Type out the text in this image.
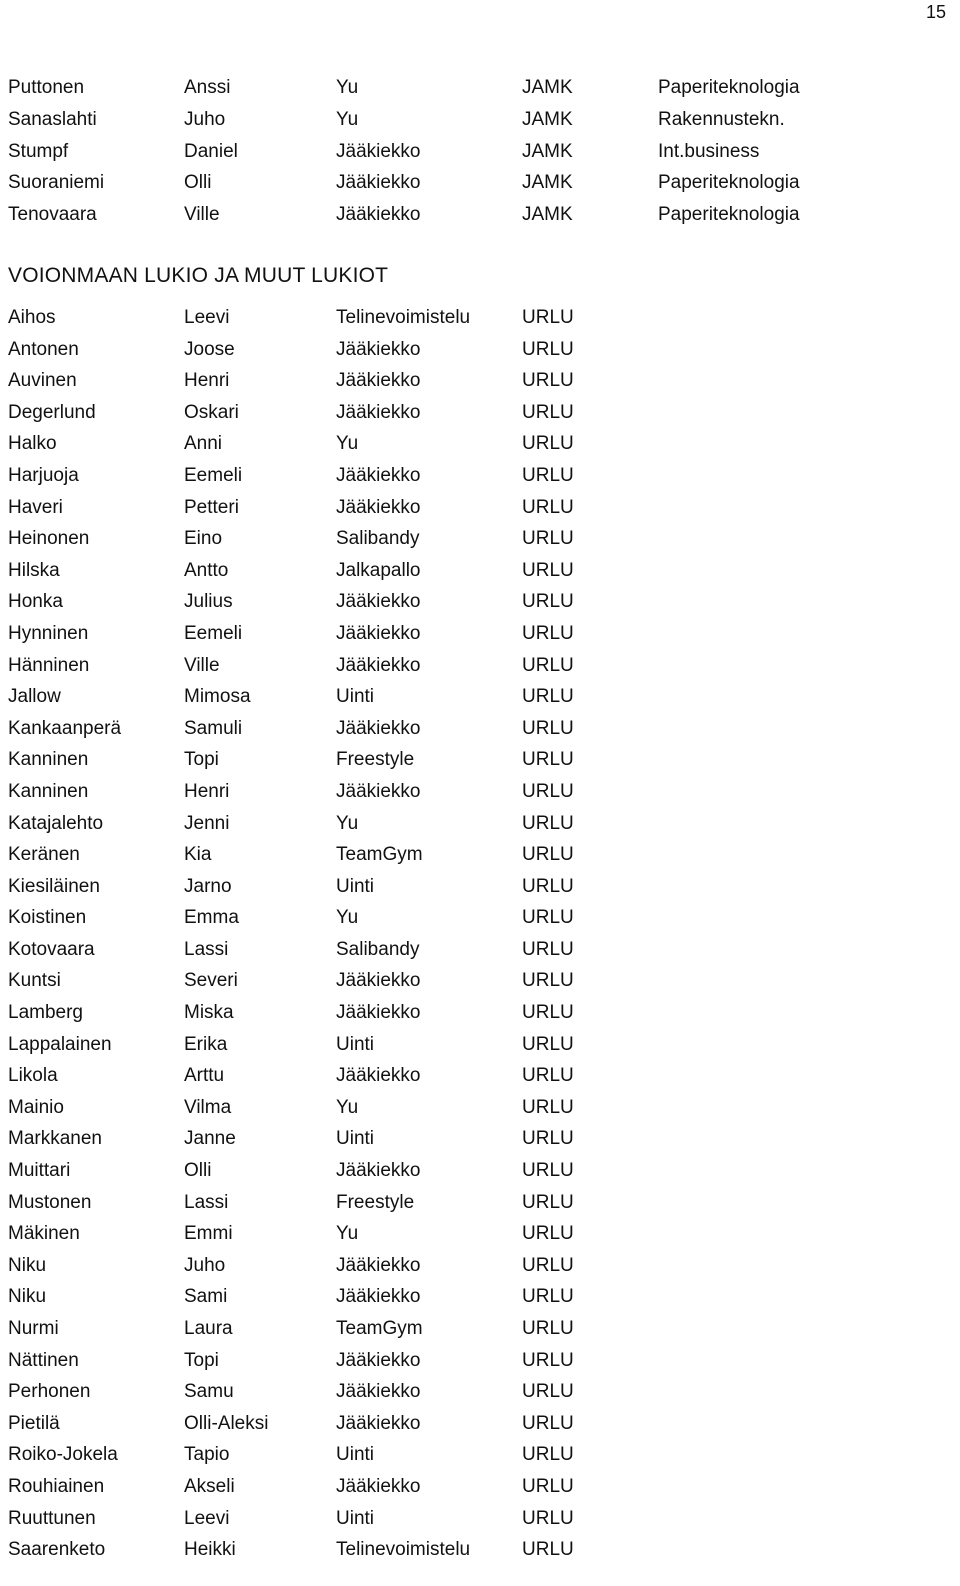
15
Puttonen	Anssi	Yu	JAMK	Paperiteknologia
Sanaslahti	Juho	Yu	JAMK	Rakennustekn.
Stumpf	Daniel	Jääkiekko	JAMK	Int.business
Suoraniemi	Olli	Jääkiekko	JAMK	Paperiteknologia
Tenovaara	Ville	Jääkiekko	JAMK	Paperiteknologia
VOIONMAAN LUKIO JA MUUT LUKIOT
Aihos	Leevi	Telinevoimistelu	URLU
Antonen	Joose	Jääkiekko	URLU
Auvinen	Henri	Jääkiekko	URLU
Degerlund	Oskari	Jääkiekko	URLU
Halko	Anni	Yu	URLU
Harjuoja	Eemeli	Jääkiekko	URLU
Haveri	Petteri	Jääkiekko	URLU
Heinonen	Eino	Salibandy	URLU
Hilska	Antto	Jalkapallo	URLU
Honka	Julius	Jääkiekko	URLU
Hynninen	Eemeli	Jääkiekko	URLU
Hänninen	Ville	Jääkiekko	URLU
Jallow	Mimosa	Uinti	URLU
Kankaanperä	Samuli	Jääkiekko	URLU
Kanninen	Topi	Freestyle	URLU
Kanninen	Henri	Jääkiekko	URLU
Katajalehto	Jenni	Yu	URLU
Keränen	Kia	TeamGym	URLU
Kiesiläinen	Jarno	Uinti	URLU
Koistinen	Emma	Yu	URLU
Kotovaara	Lassi	Salibandy	URLU
Kuntsi	Severi	Jääkiekko	URLU
Lamberg	Miska	Jääkiekko	URLU
Lappalainen	Erika	Uinti	URLU
Likola	Arttu	Jääkiekko	URLU
Mainio	Vilma	Yu	URLU
Markkanen	Janne	Uinti	URLU
Muittari	Olli	Jääkiekko	URLU
Mustonen	Lassi	Freestyle	URLU
Mäkinen	Emmi	Yu	URLU
Niku	Juho	Jääkiekko	URLU
Niku	Sami	Jääkiekko	URLU
Nurmi	Laura	TeamGym	URLU
Nättinen	Topi	Jääkiekko	URLU
Perhonen	Samu	Jääkiekko	URLU
Pietilä	Olli-Aleksi	Jääkiekko	URLU
Roiko-Jokela	Tapio	Uinti	URLU
Rouhiainen	Akseli	Jääkiekko	URLU
Ruuttunen	Leevi	Uinti	URLU
Saarenketo	Heikki	Telinevoimistelu	URLU
